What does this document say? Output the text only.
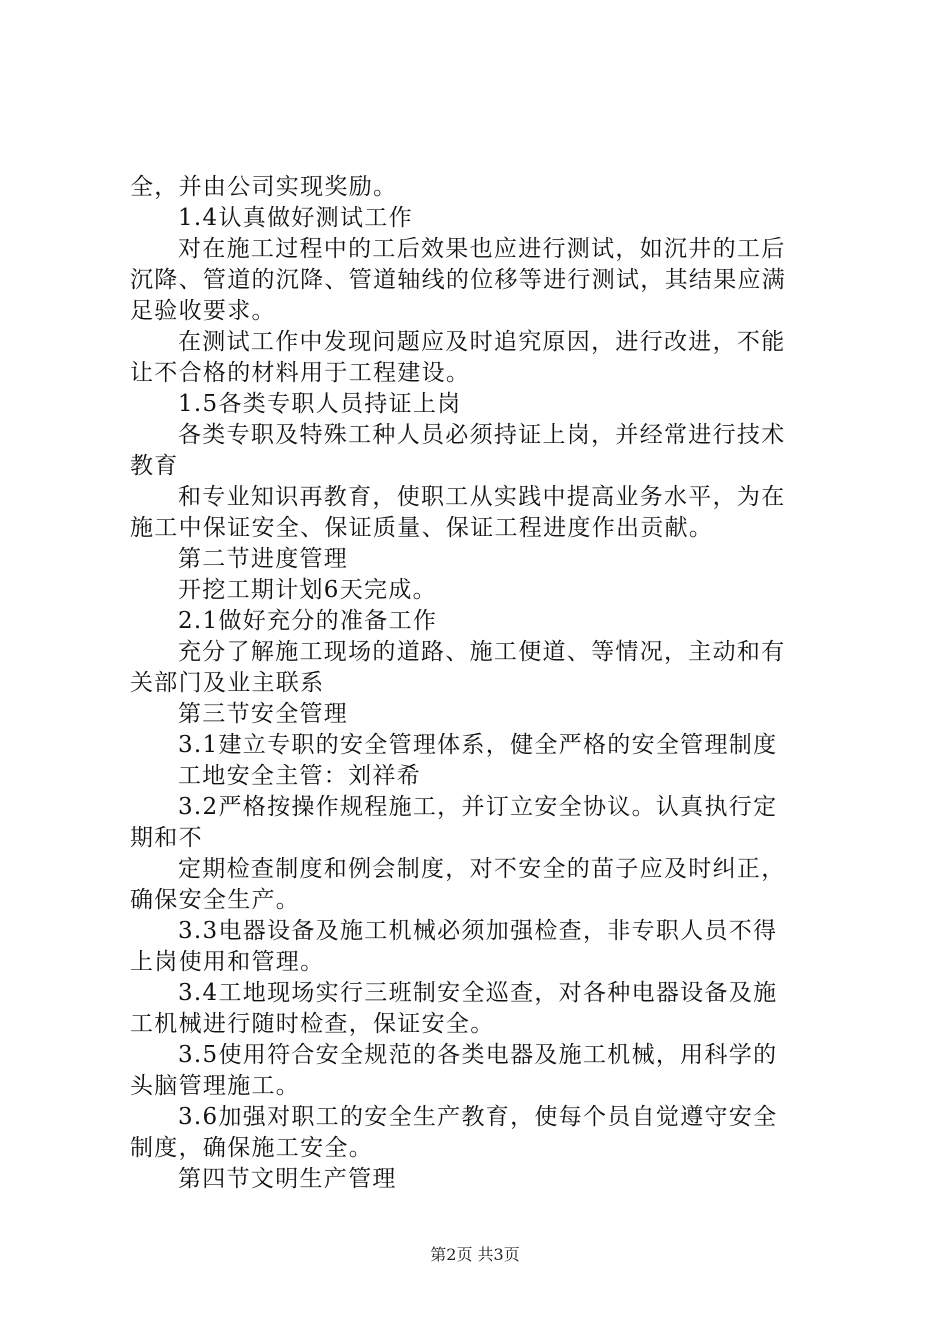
全，并由公司实现奖励。
1.4认真做好测试工作
对在施工过程中的工后效果也应进行测试，如沉井的工后
沉降、管道的沉降、管道轴线的位移等进行测试，其结果应满
足验收要求。
在测试工作中发现问题应及时追究原因，进行改进，不能
让不合格的材料用于工程建设。
1.5各类专职人员持证上岗
各类专职及特殊工种人员必须持证上岗，并经常进行技术
教育
和专业知识再教育，使职工从实践中提高业务水平，为在
施工中保证安全、保证质量、保证工程进度作出贡献。
第二节进度管理
开挖工期计划6天完成。
2.1做好充分的准备工作
充分了解施工现场的道路、施工便道、等情况，主动和有
关部门及业主联系
第三节安全管理
3.1建立专职的安全管理体系，健全严格的安全管理制度
工地安全主管：刘祥希
3.2严格按操作规程施工，并订立安全协议。认真执行定
期和不
定期检查制度和例会制度，对不安全的苗子应及时纠正，
确保安全生产。
3.3电器设备及施工机械必须加强检查，非专职人员不得
上岗使用和管理。
3.4工地现场实行三班制安全巡查，对各种电器设备及施
工机械进行随时检查，保证安全。
3.5使用符合安全规范的各类电器及施工机械，用科学的
头脑管理施工。
3.6加强对职工的安全生产教育，使每个员自觉遵守安全
制度，确保施工安全。
第四节文明生产管理
第2页 共3页
